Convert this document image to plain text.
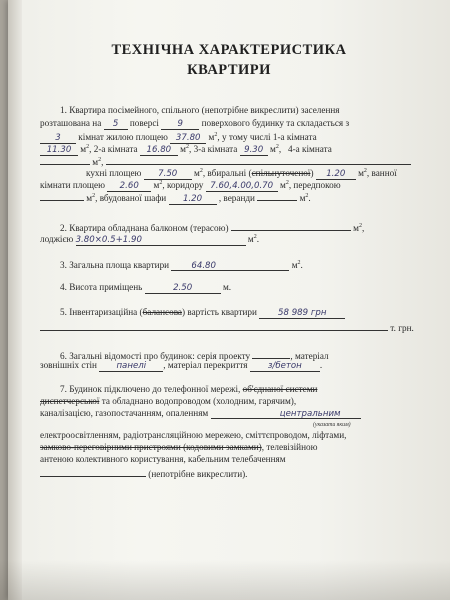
ТЕХНІЧНА ХАРАКТЕРИСТИКА
КВАРТИРИ
1. Квартира посімейного, спільного (непотрібне викреслити) заселення
розташована на 5 поверсі 9 поверхового будинку та складається з
3 кімнат жилою площею 37.80 $м^2$, у тому числі 1-а кімната
11.30 $м^2$, 2-а кімната 16.80 $м^2$, 3-а кімната 9.30 $м^2$, 4-а кімната
$м^2$,
кухні площею 7.50 $м^2$, вбиральні (спільнуточеної) 1.20 $м^2$, ванної
кімнати площею 2.60 $м^2$, коридору 7.60,4.00,0.70 $м^2$, передпокою
$м^2$, вбудованої шафи 1.20 , веранди	$м^2$.
2. Квартира обладнана балконом (терасою)	$м^2$,
лоджією 3.80×0.5+1.90	$м^2$.
3. Загальна площа квартири	64.80	$м^2$.
4. Висота приміщень	2.50	м.
5. Інвентаризаційна (балансова) вартість квартири 58 989 грн
т. грн.
6. Загальні відомості про будинок: серія проекту	, матеріал
зовнішніх стін панелі , матеріал перекриття з/бетон .
7. Будинок підключено до телефонної мережі, об'єднаної системи
диспетчерської та обладнано водопроводом (холодним, гарячим),
каналізацією, газопостачанням, опаленням	центральним
(указати яким)
електроосвітленням, радіотрансляційною мережею, сміттєпроводом, ліфтами,
замково-переговірними пристроями (кодовими замками), телевізійною
антеною колективного користування, кабельним телебаченням
(непотрібне викреслити).
